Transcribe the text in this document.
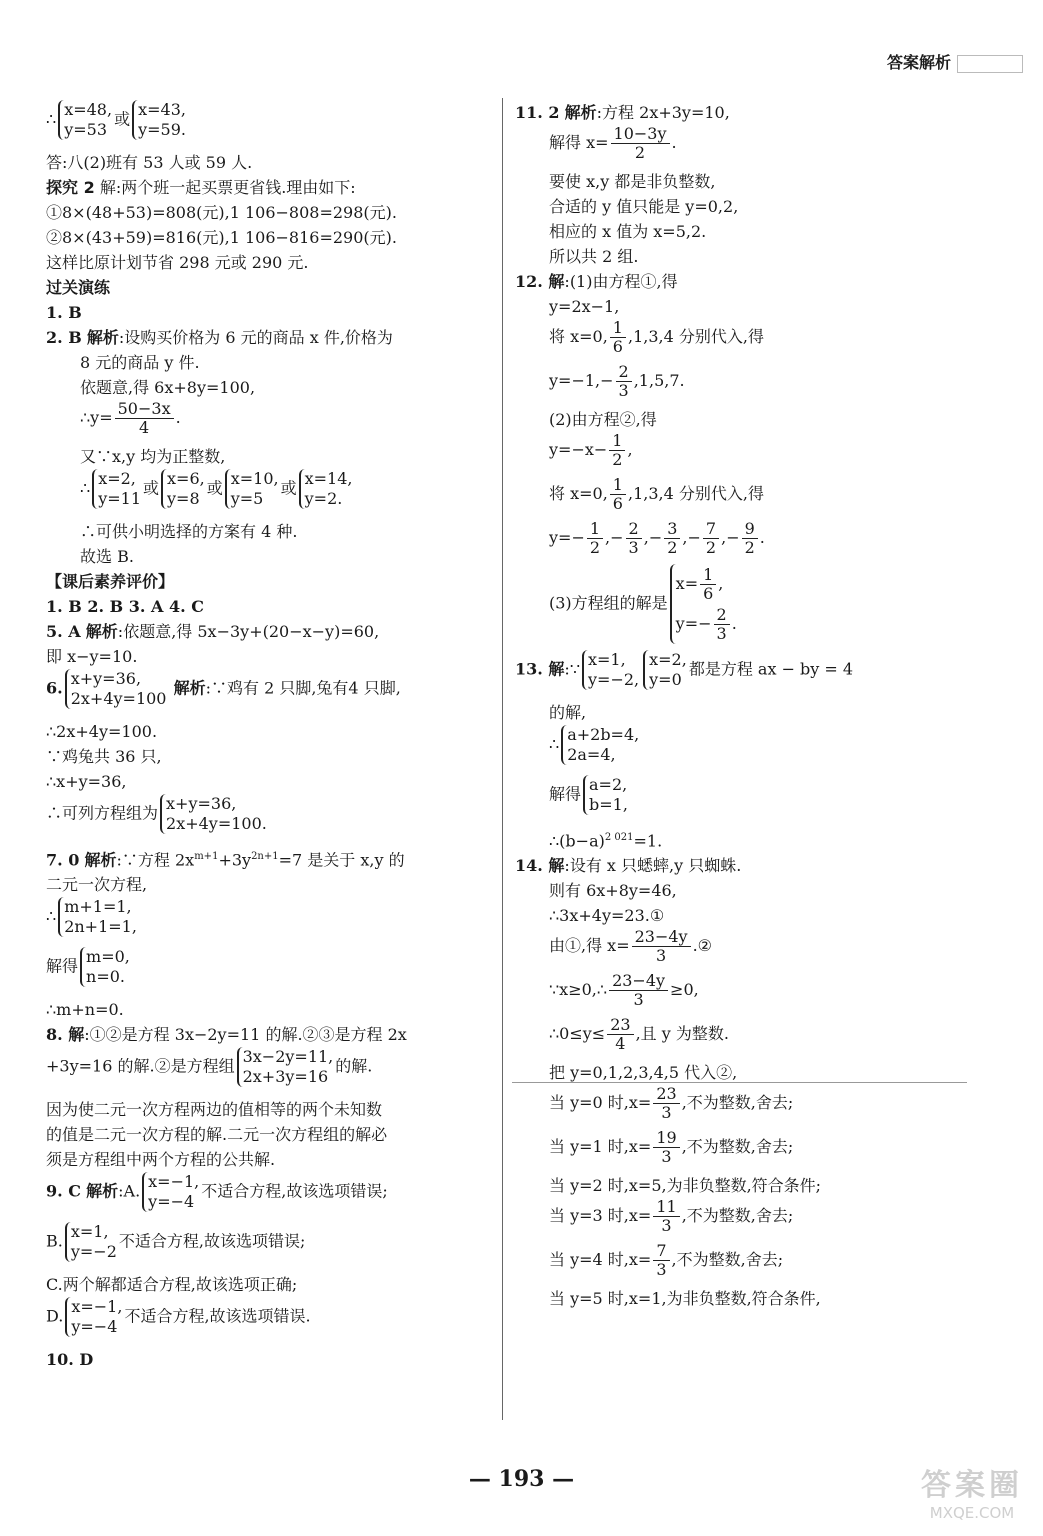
答案解析
∴ x=48,
y=53或 x=43,
y=59.
答:八(2)班有 53 人或 59 人.
探究 2 解:两个班一起买票更省钱.理由如下:
①8×(48+53)=808(元),1 106−808=298(元).
②8×(43+59)=816(元),1 106−816=290(元).
这样比原计划节省 298 元或 290 元.
过关演练
1. B
2. B 解析:设购买价格为 6 元的商品 x 件,价格为
8 元的商品 y 件.
依题意,得 6x+8y=100,
∴y= $\frac{50-3x}{4}$ .
又∵x,y 均为正整数,
∴ x=2,
y=11或 x=6,
y=8或 x=10,
y=5或 x=14,
y=2.
∴可供小明选择的方案有 4 种.
故选 B.
【课后素养评价】
1. B 2. B 3. A 4. C
5. A 解析:依题意,得 5x−3y+(20−x−y)=60,
即 x−y=10.
6. x+y=36,
2x+4y=100 解析:∵鸡有 2 只脚,兔有4 只脚,
∴2x+4y=100.
∵鸡兔共 36 只,
∴x+y=36,
∴可列方程组为 x+y=36,
2x+4y=100.
7. 0 解析:∵方程 $2x^{m+1}+3y^{2n+1}=7$ 是关于 x,y 的
二元一次方程,
∴ m+1=1,
2n+1=1,
解得 m=0,
n=0.
∴m+n=0.
8. 解:①②是方程 3x−2y=11 的解.②③是方程 2x
+3y=16 的解.②是方程组 3x−2y=11,
2x+3y=16的解.
因为使二元一次方程两边的值相等的两个未知数
的值是二元一次方程的解.二元一次方程组的解必
须是方程组中两个方程的公共解.
9. C 解析:A. x=−1,
y=−4不适合方程,故该选项错误;
B. x=1,
y=−2不适合方程,故该选项错误;
C.两个解都适合方程,故该选项正确;
D. x=−1,
y=−4不适合方程,故该选项错误.
10. D
11. 2 解析:方程 2x+3y=10,
解得 $x= \frac{10-3y}{2}$ .
要使 x,y 都是非负整数,
合适的 y 值只能是 y=0,2,
相应的 x 值为 x=5,2.
所以共 2 组.
12. 解:(1)由方程①,得
y=2x−1,
将 x=0, $\frac{1}{6} ,1,3,4$ 分别代入,得
$y=-1,- \frac{2}{3} ,1,5,7$.
(2)由方程②,得
$y=-x- \frac{1}{2}$ ,
将 x=0, $\frac{1}{6} ,1,3,4$ 分别代入,得
$y=- \frac{1}{2}$ ,− $\frac{2}{3}$ ,− $\frac{3}{2}$ ,− $\frac{7}{2}$ ,− $\frac{9}{2}$ .
(3)方程组的解是$x= \frac{1}{6}$ ,
$y=- \frac{2}{3}$ .
13. 解:∵ x=1,
y=−2,x=2,
y=0都是方程 ax − by = 4
的解,
∴ a+2b=4,
2a=4,
解得 a=2,
b=1,
$\therefore(b-a)^{2 021}=1$.
14. 解:设有 x 只蟋蟀,y 只蜘蛛.
则有 6x+8y=46,
∴3x+4y=23.①
由①,得 $x= \frac{23-4y}{3}$ .②
∵x≥0,∴ $\frac{23-4y}{3} \ge 0$,
∴0≤y≤ $\frac{23}{4}$ ,且 y 为整数.
把 y=0,1,2,3,4,5 代入②,
当 y=0 时$,x= \frac{23}{3}$ ,不为整数,舍去;
当 y=1 时$,x= \frac{19}{3}$ ,不为整数,舍去;
当 y=2 时,x=5,为非负整数,符合条件;
当 y=3 时$,x= \frac{11}{3}$ ,不为整数,舍去;
当 y=4 时$,x= \frac{7}{3}$ ,不为整数,舍去;
当 y=5 时,x=1,为非负整数,符合条件,
— 193 —	答案圈
MXQE.COM
